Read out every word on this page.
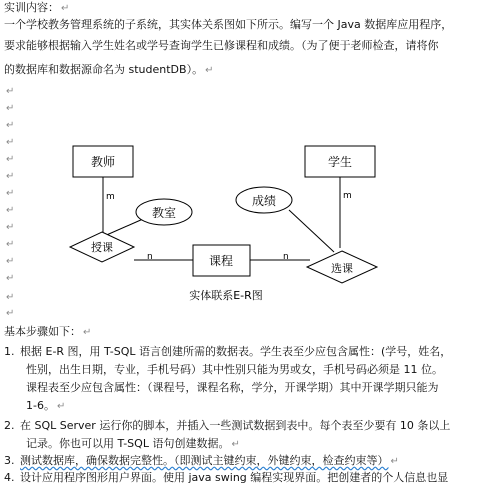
实训内容： ↵
一个学校教务管理系统的子系统，其实体关系图如下所示。编写一个 Java 数据库应用程序，
要求能够根据输入学生姓名或学号查询学生已修课程和成绩。（为了便于老师检查，请将你
的数据库和数据源命名为 studentDB）。 ↵
↵
↵
↵
↵
↵
↵
↵
↵
↵
↵
↵
↵
↵
↵
教师	学生
课程
授课
选课
教室
成绩
m
n	n
m
实体联系E-R图
基本步骤如下： ↵
1. 根据 E-R 图，用 T-SQL 语言创建所需的数据表。学生表至少应包含属性：(学号，姓名，
性别，出生日期，专业，手机号码）其中性别只能为男或女，手机号码必须是 11 位。
课程表至少应包含属性：（课程号，课程名称，学分，开课学期）其中开课学期只能为
1-6。 ↵
2. 在 SQL Server 运行你的脚本，并插入一些测试数据到表中。每个表至少要有 10 条以上
记录。你也可以用 T-SQL 语句创建数据。 ↵
3. 测试数据库，确保数据完整性。（即测试主键约束，外键约束，检查约束等） ↵
4. 设计应用程序图形用户界面。使用 java swing 编程实现界面。把创建者的个人信息也显
